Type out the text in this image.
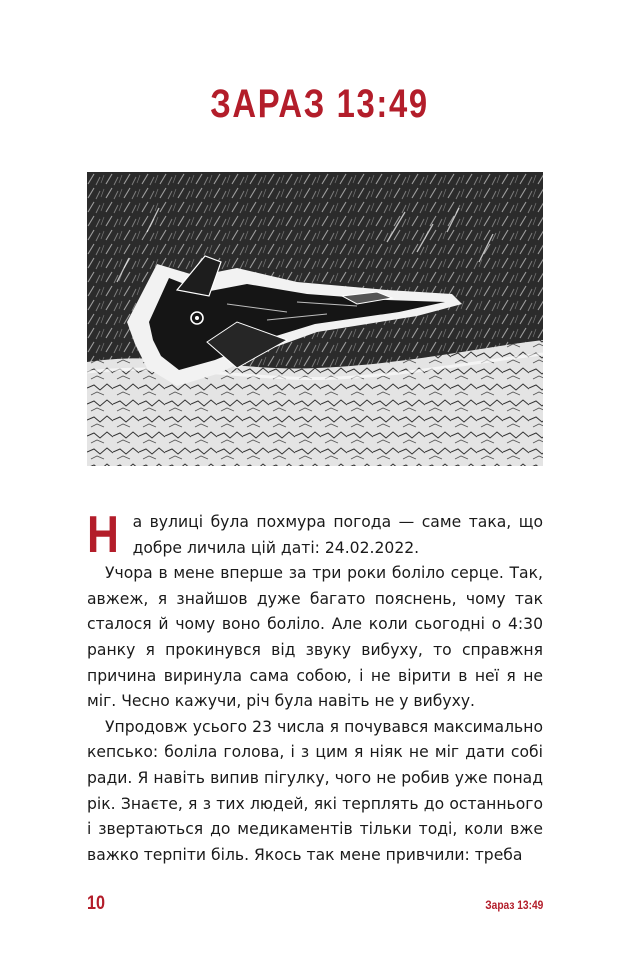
ЗАРАЗ 13:49

На вулиці була похмура погода — саме така, що добре личила цій даті: 24.02.2022.

Учора в мене вперше за три роки боліло серце. Так, авжеж, я знайшов дуже багато пояснень, чому так сталося й чому воно боліло. Але коли сьогодні о 4:30 ранку я прокинувся від звуку вибуху, то справжня причина виринула сама собою, і не вірити в неї я не міг. Чесно кажучи, річ була навіть не у вибуху.

Упродовж усього 23 числа я почувався максимально кепсько: боліла голова, і з цим я ніяк не міг дати собі ради. Я навіть випив пігулку, чого не робив уже понад рік. Знаєте, я з тих людей, які терплять до останнього і звертаються до медикаментів тільки тоді, коли вже важко терпіти біль. Якось так мене привчили: треба

10	Зараз 13:49
